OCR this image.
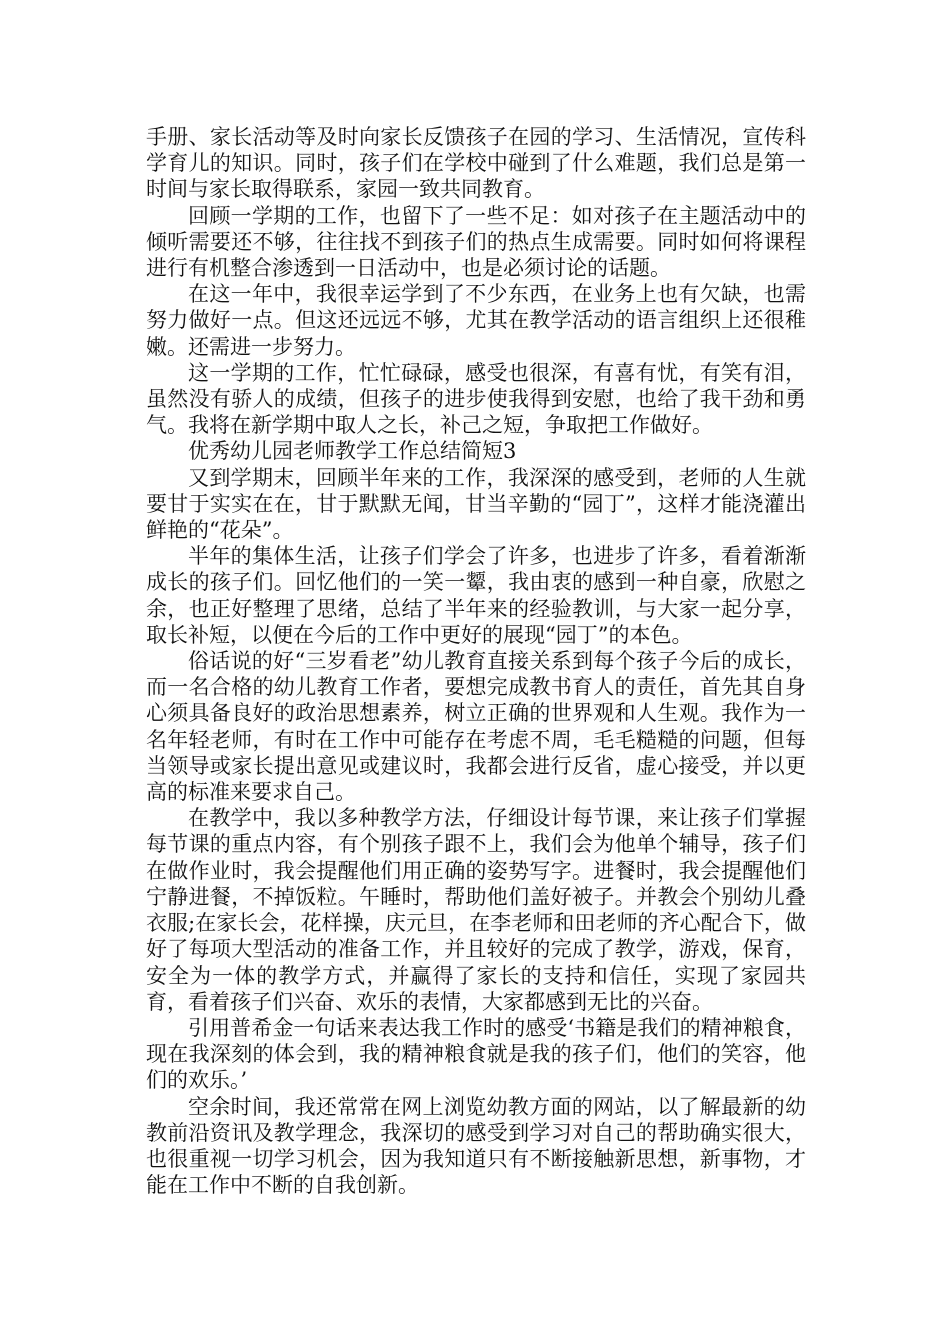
手册、家长活动等及时向家长反馈孩子在园的学习、生活情况，宣传科学育儿的知识。同时，孩子们在学校中碰到了什么难题，我们总是第一时间与家长取得联系，家园一致共同教育。

回顾一学期的工作，也留下了一些不足：如对孩子在主题活动中的倾听需要还不够，往往找不到孩子们的热点生成需要。同时如何将课程进行有机整合渗透到一日活动中，也是必须讨论的话题。

在这一年中，我很幸运学到了不少东西，在业务上也有欠缺，也需努力做好一点。但这还远远不够，尤其在教学活动的语言组织上还很稚嫩。还需进一步努力。

这一学期的工作，忙忙碌碌，感受也很深，有喜有忧，有笑有泪，虽然没有骄人的成绩，但孩子的进步使我得到安慰，也给了我干劲和勇气。我将在新学期中取人之长，补己之短，争取把工作做好。

优秀幼儿园老师教学工作总结简短3

又到学期末，回顾半年来的工作，我深深的感受到，老师的人生就要甘于实实在在，甘于默默无闻，甘当辛勤的“园丁”，这样才能浇灌出鲜艳的“花朵”。

半年的集体生活，让孩子们学会了许多，也进步了许多，看着渐渐成长的孩子们。回忆他们的一笑一颦，我由衷的感到一种自豪，欣慰之余，也正好整理了思绪，总结了半年来的经验教训，与大家一起分享，取长补短，以便在今后的工作中更好的展现“园丁”的本色。

俗话说的好“三岁看老”幼儿教育直接关系到每个孩子今后的成长，而一名合格的幼儿教育工作者，要想完成教书育人的责任，首先其自身心须具备良好的政治思想素养，树立正确的世界观和人生观。我作为一名年轻老师，有时在工作中可能存在考虑不周，毛毛糙糙的问题，但每当领导或家长提出意见或建议时，我都会进行反省，虚心接受，并以更高的标准来要求自己。

在教学中，我以多种教学方法，仔细设计每节课，来让孩子们掌握每节课的重点内容，有个别孩子跟不上，我们会为他单个辅导，孩子们在做作业时，我会提醒他们用正确的姿势写字。进餐时，我会提醒他们宁静进餐，不掉饭粒。午睡时，帮助他们盖好被子。并教会个别幼儿叠衣服;在家长会，花样操，庆元旦，在李老师和田老师的齐心配合下，做好了每项大型活动的准备工作，并且较好的完成了教学，游戏，保育，安全为一体的教学方式，并赢得了家长的支持和信任，实现了家园共育，看着孩子们兴奋、欢乐的表情，大家都感到无比的兴奋。

引用普希金一句话来表达我工作时的感受‘书籍是我们的精神粮食，现在我深刻的体会到，我的精神粮食就是我的孩子们，他们的笑容，他们的欢乐。’

空余时间，我还常常在网上浏览幼教方面的网站，以了解最新的幼教前沿资讯及教学理念，我深切的感受到学习对自己的帮助确实很大，也很重视一切学习机会，因为我知道只有不断接触新思想，新事物，才能在工作中不断的自我创新。
